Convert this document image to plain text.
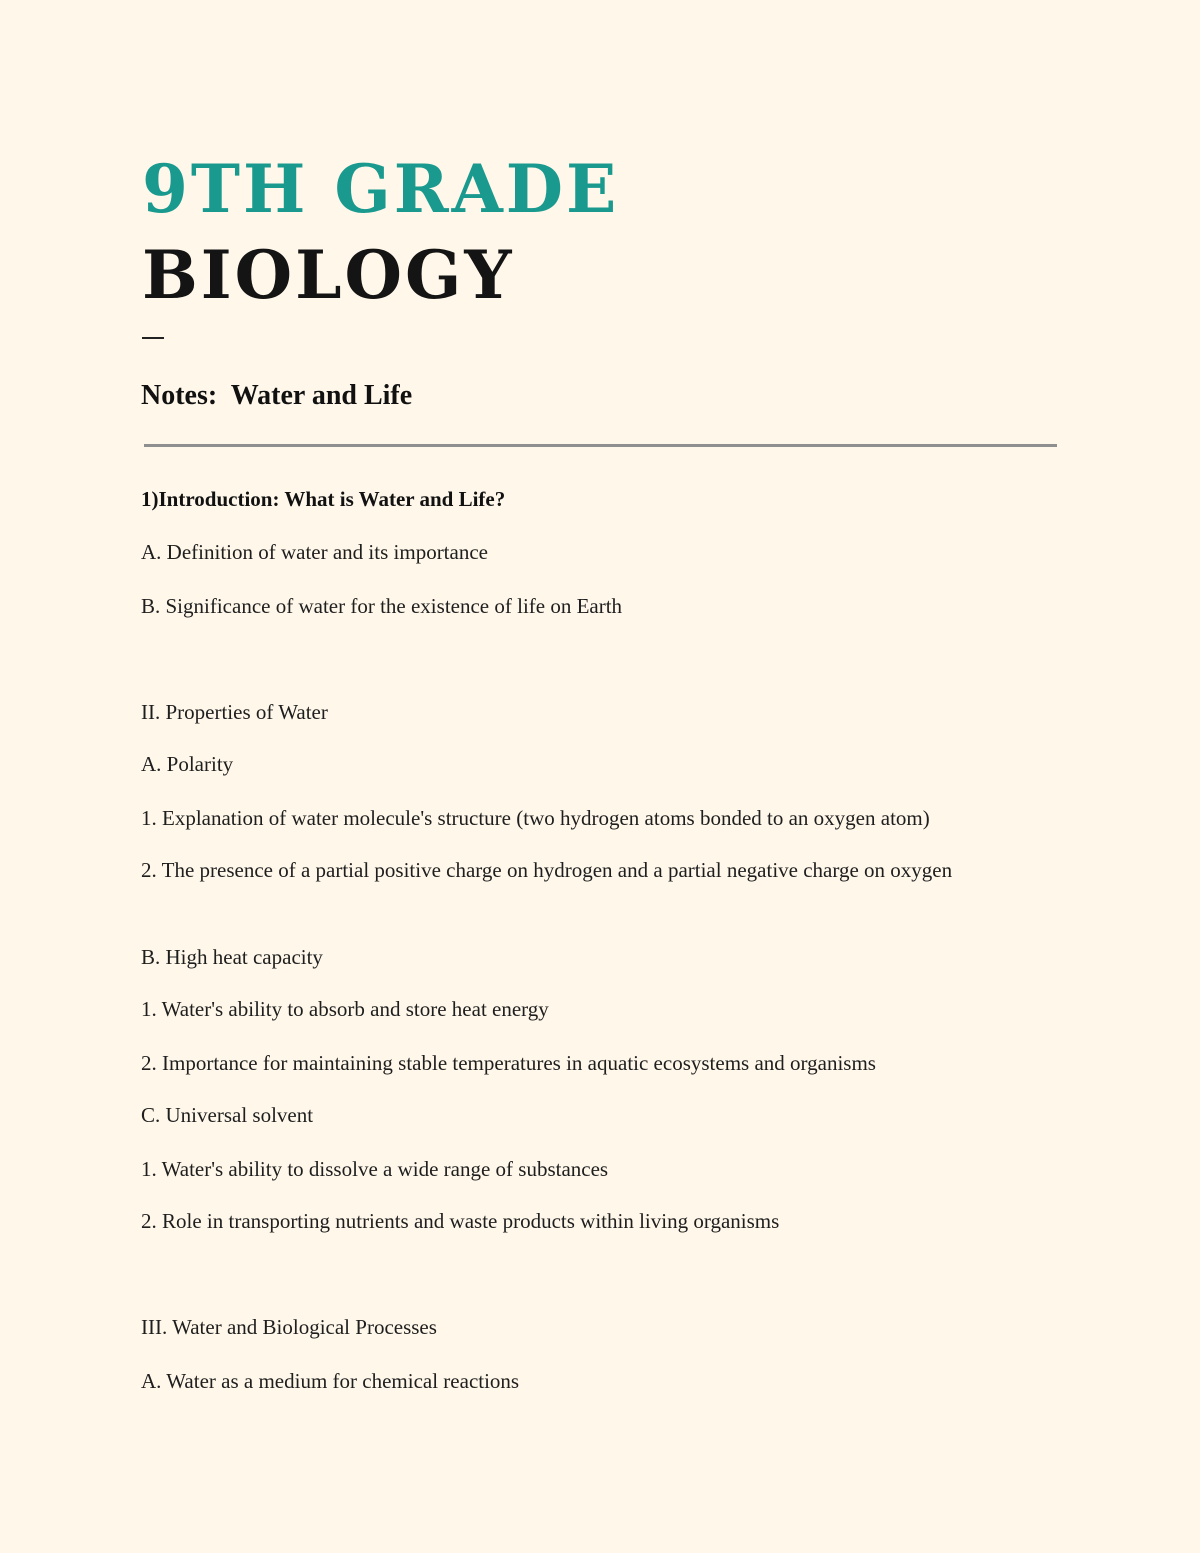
9TH GRADE
BIOLOGY
Notes:  Water and Life

1)Introduction: What is Water and Life?

A. Definition of water and its importance

B. Significance of water for the existence of life on Earth

II. Properties of Water

A. Polarity

1. Explanation of water molecule's structure (two hydrogen atoms bonded to an oxygen atom)

2. The presence of a partial positive charge on hydrogen and a partial negative charge on oxygen

B. High heat capacity

1. Water's ability to absorb and store heat energy

2. Importance for maintaining stable temperatures in aquatic ecosystems and organisms

C. Universal solvent

1. Water's ability to dissolve a wide range of substances

2. Role in transporting nutrients and waste products within living organisms

III. Water and Biological Processes

A. Water as a medium for chemical reactions
